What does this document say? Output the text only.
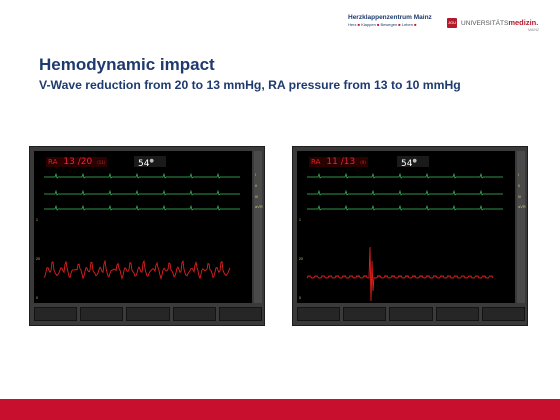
Herzklappenzentrum Mainz
Herz ■ Klappen ■ Bewegen ■ Leben ■	JGU UNIVERSITÄTSmedizin.
MAINZ
Hemodynamic impact
V-Wave reduction from 20 to 13 mmHg, RA pressure from 13 to 10 mmHg
RA 13 /20 (11)	54●
1
20
0
I
II
III
aVR
RA 11 /13 (9)	54●
1
20
0
I
II
III
aVR
